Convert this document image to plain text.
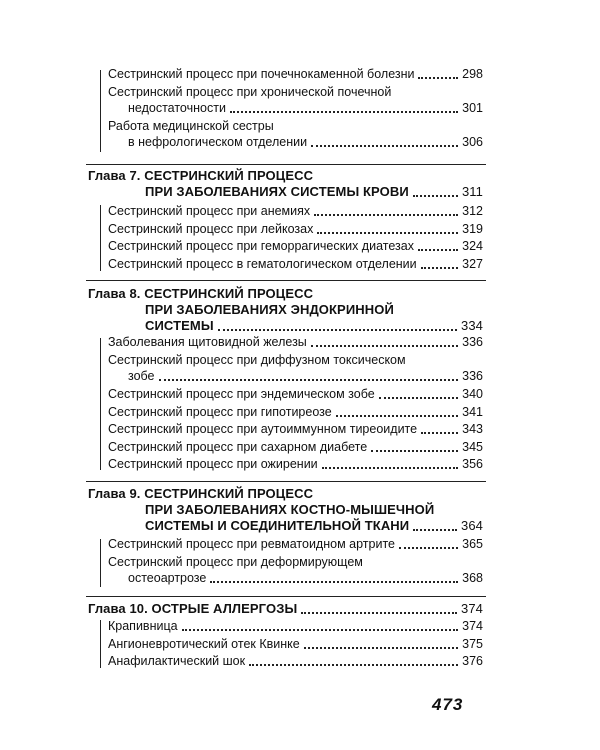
Сестринский процесс при почечнокаменной болезни	298
Сестринский процесс при хронической почечной
недостаточности	301
Работа медицинской сестры
в нефрологическом отделении	306
Глава 7. СЕСТРИНСКИЙ ПРОЦЕСС
ПРИ ЗАБОЛЕВАНИЯХ СИСТЕМЫ КРОВИ	311
Сестринский процесс при анемиях	312
Сестринский процесс при лейкозах	319
Сестринский процесс при геморрагических диатезах	324
Сестринский процесс в гематологическом отделении	327
Глава 8. СЕСТРИНСКИЙ ПРОЦЕСС
ПРИ ЗАБОЛЕВАНИЯХ ЭНДОКРИННОЙ
СИСТЕМЫ	334
Заболевания щитовидной железы	336
Сестринский процесс при диффузном токсическом
зобе	336
Сестринский процесс при эндемическом зобе	340
Сестринский процесс при гипотиреозе	341
Сестринский процесс при аутоиммунном тиреоидите	343
Сестринский процесс при сахарном диабете	345
Сестринский процесс при ожирении	356
Глава 9. СЕСТРИНСКИЙ ПРОЦЕСС
ПРИ ЗАБОЛЕВАНИЯХ КОСТНО-МЫШЕЧНОЙ
СИСТЕМЫ И СОЕДИНИТЕЛЬНОЙ ТКАНИ	364
Сестринский процесс при ревматоидном артрите	365
Сестринский процесс при деформирующем
остеоартрозе	368
Глава 10. ОСТРЫЕ АЛЛЕРГОЗЫ	374
Крапивница	374
Ангионевротический отек Квинке	375
Анафилактический шок	376
473
